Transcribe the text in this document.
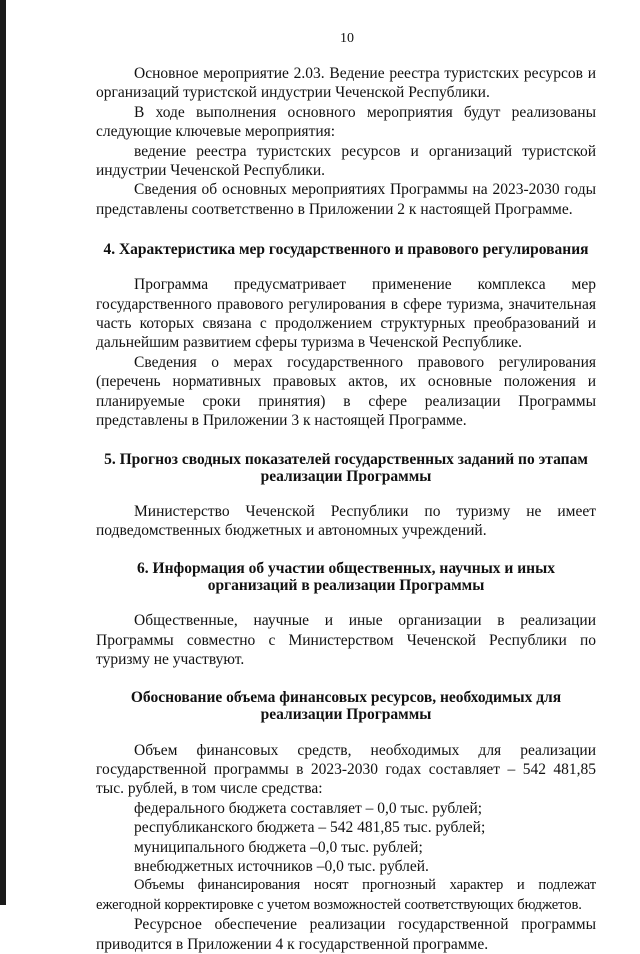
10

Основное мероприятие 2.03. Ведение реестра туристских ресурсов и организаций туристской индустрии Чеченской Республики.

В ходе выполнения основного мероприятия будут реализованы следующие ключевые мероприятия:

ведение реестра туристских ресурсов и организаций туристской индустрии Чеченской Республики.

Сведения об основных мероприятиях Программы на 2023-2030 годы представлены соответственно в Приложении 2 к настоящей Программе.

4. Характеристика мер государственного и правового регулирования

Программа предусматривает применение комплекса мер государственного правового регулирования в сфере туризма, значительная часть которых связана с продолжением структурных преобразований и дальнейшим развитием сферы туризма в Чеченской Республике.

Сведения о мерах государственного правового регулирования (перечень нормативных правовых актов, их основные положения и планируемые сроки принятия) в сфере реализации Программы представлены в Приложении 3 к настоящей Программе.

5. Прогноз сводных показателей государственных заданий по этапам реализации Программы

Министерство Чеченской Республики по туризму не имеет подведомственных бюджетных и автономных учреждений.

6. Информация об участии общественных, научных и иных организаций в реализации Программы

Общественные, научные и иные организации в реализации Программы совместно с Министерством Чеченской Республики по туризму не участвуют.

Обоснование объема финансовых ресурсов, необходимых для реализации Программы

Объем финансовых средств, необходимых для реализации государственной программы в 2023-2030 годах составляет – 542 481,85 тыс. рублей, в том числе средства:

федерального бюджета составляет – 0,0 тыс. рублей;

республиканского бюджета – 542 481,85 тыс. рублей;

муниципального бюджета –0,0 тыс. рублей;

внебюджетных источников –0,0 тыс. рублей.

Объемы финансирования носят прогнозный характер и подлежат ежегодной корректировке с учетом возможностей соответствующих бюджетов.

Ресурсное обеспечение реализации государственной программы приводится в Приложении 4 к государственной программе.
